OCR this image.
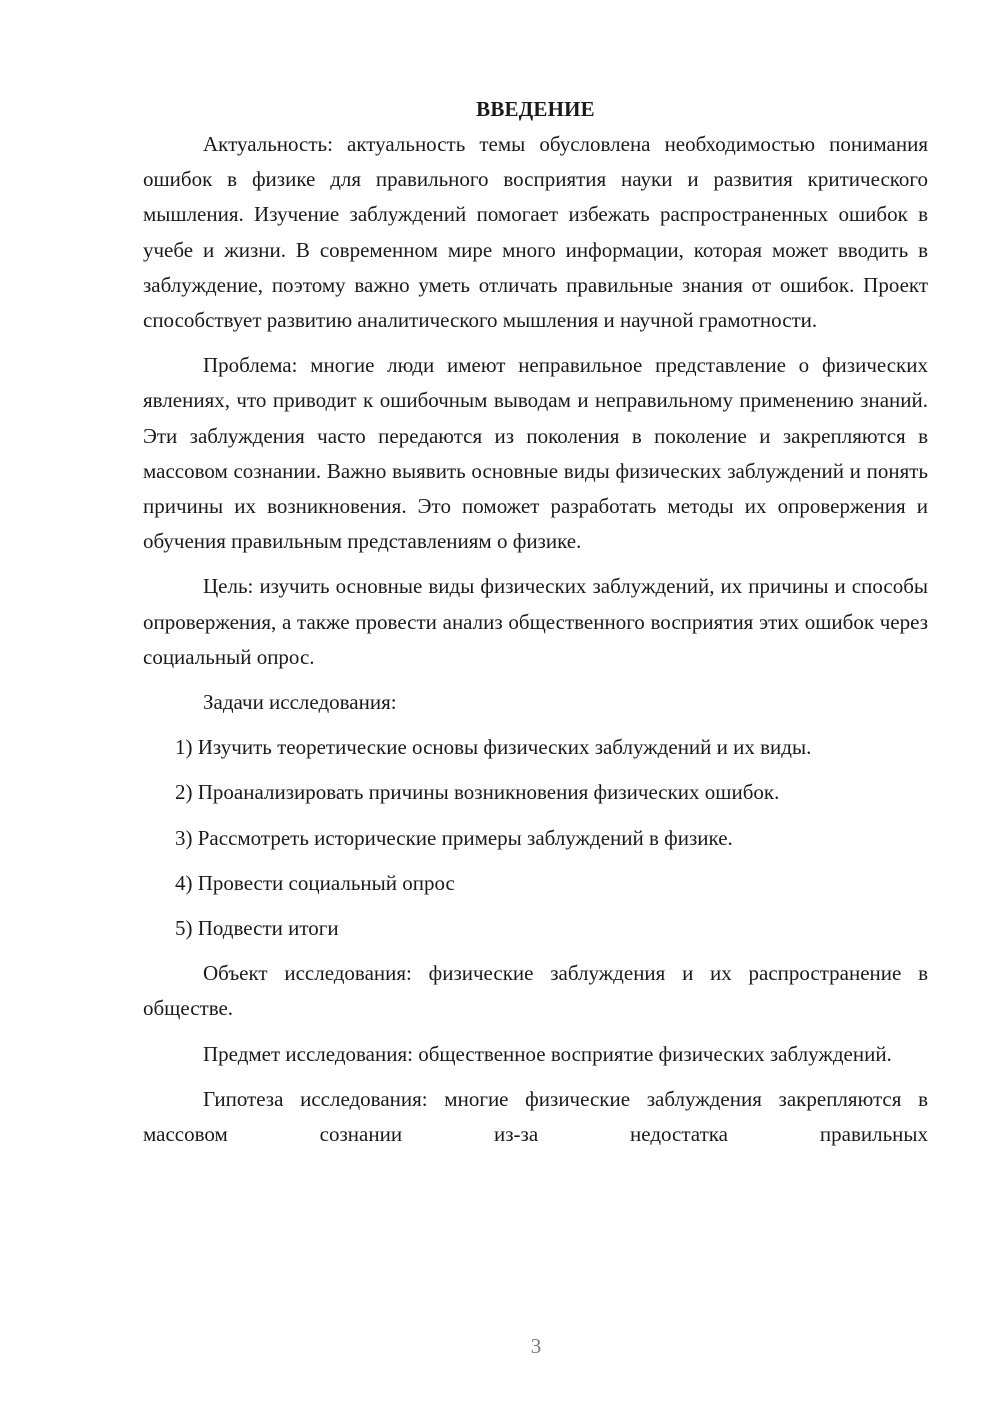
ВВЕДЕНИЕ

Актуальность: актуальность темы обусловлена необходимостью понимания ошибок в физике для правильного восприятия науки и развития критического мышления. Изучение заблуждений помогает избежать распространенных ошибок в учебе и жизни. В современном мире много информации, которая может вводить в заблуждение, поэтому важно уметь отличать правильные знания от ошибок. Проект способствует развитию аналитического мышления и научной грамотности.

Проблема: многие люди имеют неправильное представление о физических явлениях, что приводит к ошибочным выводам и неправильному применению знаний. Эти заблуждения часто передаются из поколения в поколение и закрепляются в массовом сознании. Важно выявить основные виды физических заблуждений и понять причины их возникновения. Это поможет разработать методы их опровержения и обучения правильным представлениям о физике.

Цель: изучить основные виды физических заблуждений, их причины и способы опровержения, а также провести анализ общественного восприятия этих ошибок через социальный опрос.

Задачи исследования:
1) Изучить теоретические основы физических заблуждений и их виды.
2) Проанализировать причины возникновения физических ошибок.
3) Рассмотреть исторические примеры заблуждений в физике.
4) Провести социальный опрос
5) Подвести итоги

Объект исследования: физические заблуждения и их распространение в обществе.

Предмет исследования: общественное восприятие физических заблуждений.

Гипотеза исследования: многие физические заблуждения закрепляются в массовом сознании из-за недостатка правильных

3
